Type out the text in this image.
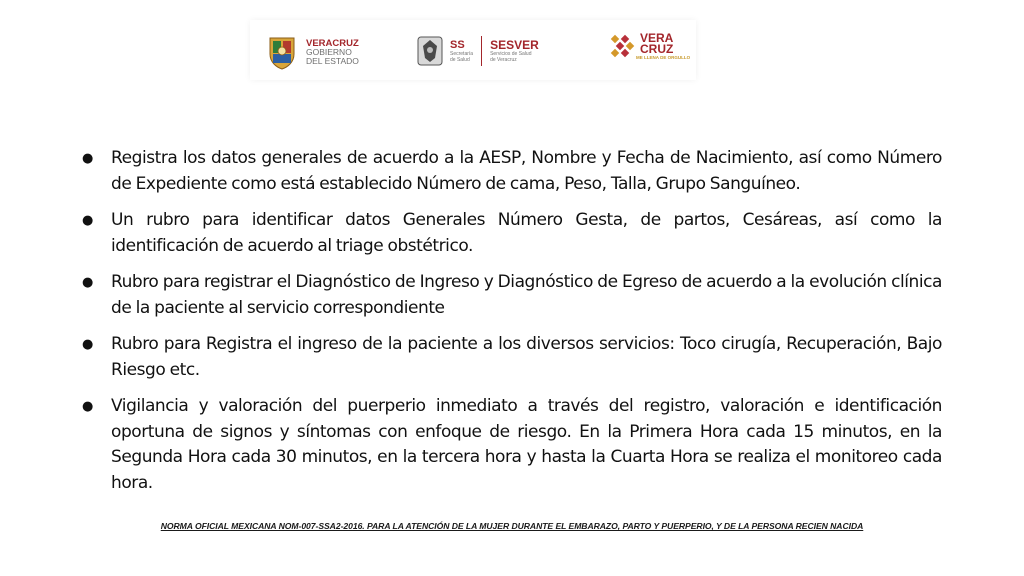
VERACRUZ
GOBIERNO
DEL ESTADO
SS
Secretaría
de Salud
SESVER
Servicios de Salud
de Veracruz
VERA
CRUZ
ME LLENA DE ORGULLO
●	Registra los datos generales de acuerdo a la AESP, Nombre y Fecha de Nacimiento, así como Número de Expediente como está establecido Número de cama, Peso, Talla, Grupo Sanguíneo.
●	Un rubro para identificar datos Generales Número Gesta, de partos, Cesáreas, así como la identificación de acuerdo al triage obstétrico.
●	Rubro para registrar el Diagnóstico de Ingreso y Diagnóstico de Egreso de acuerdo a la evolución clínica de la paciente al servicio correspondiente
●	Rubro para Registra el ingreso de la paciente a los diversos servicios: Toco cirugía, Recuperación, Bajo Riesgo etc.
●	Vigilancia y valoración del puerperio inmediato a través del registro, valoración e identificación oportuna de signos y síntomas con enfoque de riesgo. En la Primera Hora cada 15 minutos, en la Segunda Hora cada 30 minutos, en la tercera hora y hasta la Cuarta Hora se realiza el monitoreo cada hora.
NORMA OFICIAL MEXICANA NOM-007-SSA2-2016. PARA LA ATENCIÓN DE LA MUJER DURANTE EL EMBARAZO, PARTO Y PUERPERIO, Y DE LA PERSONA RECIEN NACIDA
